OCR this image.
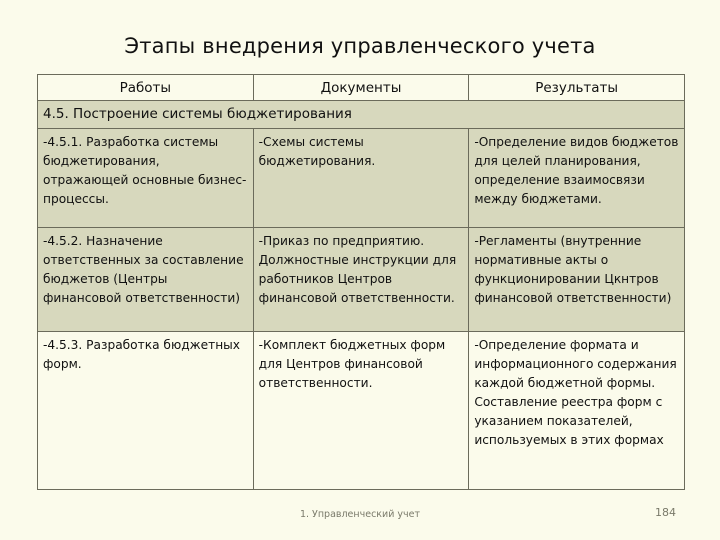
Этапы внедрения управленческого учета
Работы	Документы	Результаты
4.5. Построение системы бюджетирования		
-4.5.1. Разработка системы бюджетирования, отражающей основные бизнес-процессы.	-Схемы системы бюджетирования.	-Определение видов бюджетов для целей планирования, определение взаимосвязи между бюджетами.
-4.5.2. Назначение ответственных за составление бюджетов (Центры финансовой ответственности)	-Приказ по предприятию. Должностные инструкции для работников Центров финансовой ответственности.	-Регламенты (внутренние нормативные акты о функционировании Цкнтров финансовой ответственности)
-4.5.3. Разработка бюджетных форм.	-Комплект бюджетных форм для Центров финансовой ответственности.	-Определение формата и информационного содержания каждой бюджетной формы. Составление реестра форм с указанием показателей, используемых в этих формах
1. Управленческий учет	184
